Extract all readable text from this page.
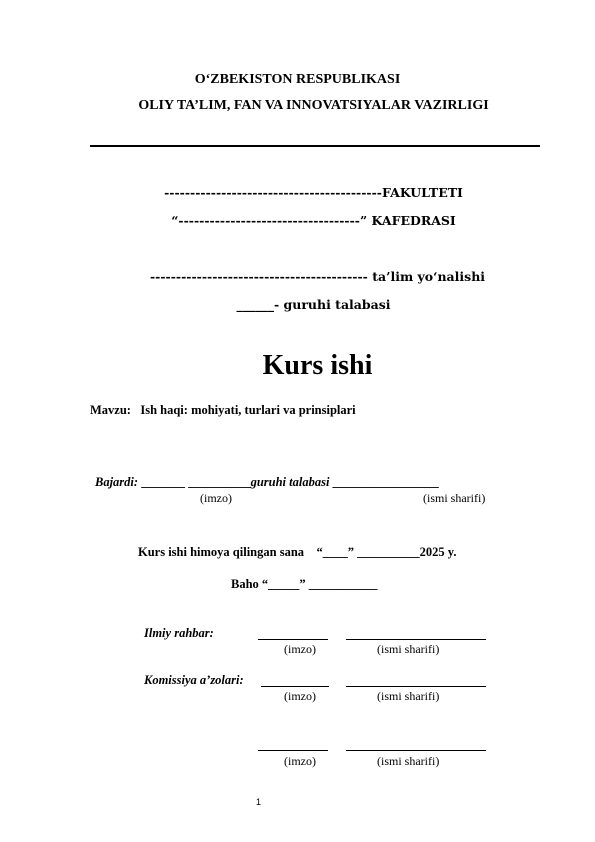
O‘ZBEKISTON RESPUBLIKASI
OLIY TA’LIM, FAN VA INNOVATSIYALAR VAZIRLIGI
------------------------------------------FAKULTETI
“-----------------------------------” KAFEDRASI
------------------------------------------ ta’lim yo‘nalishi
______- guruhi talabasi
Kurs ishi
Mavzu: Ish haqi: mohiyati, turlari va prinsiplari
Bajardi: _______ __________guruhi talabasi _________________
(imzo)	(ismi sharifi)
Kurs ishi himoya qilingan sana “____” __________2025 y.
Baho “_____” ___________
Ilmiy rahbar:
(imzo)	(ismi sharifi)
Komissiya a’zolari:
(imzo)	(ismi sharifi)
(imzo)	(ismi sharifi)
1
